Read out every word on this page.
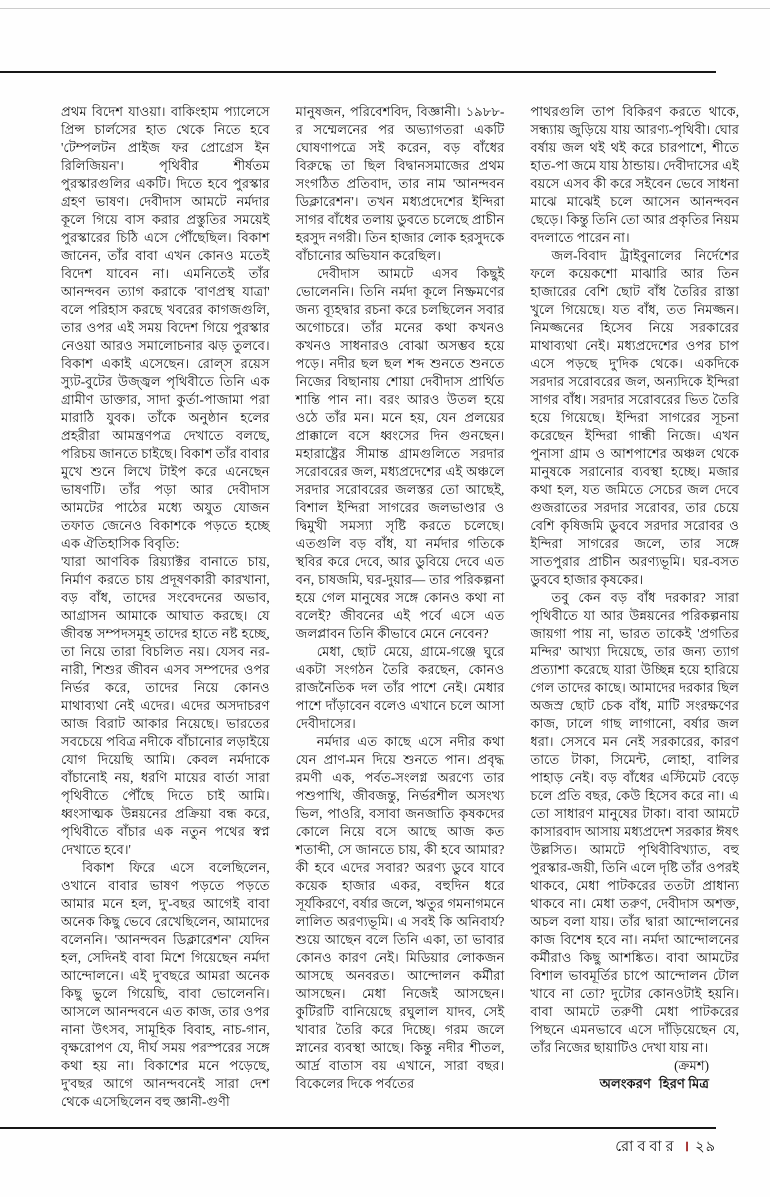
প্রথম বিদেশ যাওয়া। বাকিংহাম প্যালেসে প্রিন্স চার্লসের হাত থেকে নিতে হবে 'টেম্পলটন প্রাইজ ফর প্রোগ্রেস ইন রিলিজিয়ন'। পৃথিবীর শীর্ষতম পুরস্কারগুলির একটি। দিতে হবে পুরস্কার গ্রহণ ভাষণ। দেবীদাস আমটে নর্মদার কূলে গিয়ে বাস করার প্রস্তুতির সময়েই পুরস্কারের চিঠি এসে পৌঁছেছিল। বিকাশ জানেন, তাঁর বাবা এখন কোনও মতেই বিদেশ যাবেন না। এমনিতেই তাঁর আনন্দবন ত্যাগ করাকে 'বাণপ্রস্থ যাত্রা' বলে পরিহাস করছে খবরের কাগজগুলি, তার ওপর এই সময় বিদেশ গিয়ে পুরস্কার নেওয়া আরও সমালোচনার ঝড় তুলবে। বিকাশ একাই এসেছেন। রোল্‌স রয়েস স্যুট-বুটের উজ্জ্বল পৃথিবীতে তিনি এক গ্রামীণ ডাক্তার, সাদা কুর্তা-পাজামা পরা মারাঠি যুবক। তাঁকে অনুষ্ঠান হলের প্রহরীরা আমন্ত্রণপত্র দেখাতে বলছে, পরিচয় জানতে চাইছে। বিকাশ তাঁর বাবার মুখে শুনে লিখে টাইপ করে এনেছেন ভাষণটি। তাঁর পড়া আর দেবীদাস আমটের পাঠের মধ্যে অযুত যোজন তফাত জেনেও বিকাশকে পড়তে হচ্ছে এক ঐতিহাসিক বিবৃতি:

'যারা আণবিক রিয়্যাক্টর বানাতে চায়, নির্মাণ করতে চায় প্রদূষণকারী কারখানা, বড় বাঁধ, তাদের সংবেদনের অভাব, আগ্রাসন আমাকে আঘাত করছে। যে জীবন্ত সম্পদসমূহ তাদের হাতে নষ্ট হচ্ছে, তা নিয়ে তারা বিচলিত নয়। যেসব নর-নারী, শিশুর জীবন এসব সম্পদের ওপর নির্ভর করে, তাদের নিয়ে কোনও মাথাব্যথা নেই এদের। এদের অসদাচরণ আজ বিরাট আকার নিয়েছে। ভারতের সবচেয়ে পবিত্র নদীকে বাঁচানোর লড়াইয়ে যোগ দিয়েছি আমি। কেবল নর্মদাকে বাঁচানোই নয়, ধরণি মায়ের বার্তা সারা পৃথিবীতে পৌঁছে দিতে চাই আমি। ধ্বংসাত্মক উন্নয়নের প্রক্রিয়া বন্ধ করে, পৃথিবীতে বাঁচার এক নতুন পথের স্বপ্ন দেখাতে হবে।'

বিকাশ ফিরে এসে বলেছিলেন, ওখানে বাবার ভাষণ পড়তে পড়তে আমার মনে হল, দু'-বছর আগেই বাবা অনেক কিছু ভেবে রেখেছিলেন, আমাদের বলেননি। 'আনন্দবন ডিক্লারেশন' যেদিন হল, সেদিনই বাবা মিশে গিয়েছেন নর্মদা আন্দোলনে। এই দু'বছরে আমরা অনেক কিছু ভুলে গিয়েছি, বাবা ভোলেননি। আসলে আনন্দবনে এত কাজ, তার ওপর নানা উৎসব, সামূহিক বিবাহ, নাচ-গান, বৃক্ষরোপণ যে, দীর্ঘ সময় পরস্পরের সঙ্গে কথা হয় না। বিকাশের মনে পড়েছে, দু'বছর আগে আনন্দবনেই সারা দেশ থেকে এসেছিলেন বহু জ্ঞানী-গুণী

মানুষজন, পরিবেশবিদ, বিজ্ঞানী। ১৯৮৮-র সম্মেলনের পর অভ্যাগতরা একটি ঘোষণাপত্রে সই করেন, বড় বাঁধের বিরুদ্ধে তা ছিল বিদ্বানসমাজের প্রথম সংগঠিত প্রতিবাদ, তার নাম 'আনন্দবন ডিক্লারেশন'। তখন মধ্যপ্রদেশের ইন্দিরা সাগর বাঁধের তলায় ডুবতে চলেছে প্রাচীন হরসুদ নগরী। তিন হাজার লোক হরসুদকে বাঁচানোর অভিযান করেছিল।

দেবীদাস আমটে এসব কিছুই ভোলেননি। তিনি নর্মদা কূলে নিষ্ক্রমণের জন্য ব্যূহদ্বার রচনা করে চলছিলেন সবার অগোচরে। তাঁর মনের কথা কখনও কখনও সাধনারও বোঝা অসম্ভব হয়ে পড়ে। নদীর ছল ছল শব্দ শুনতে শুনতে নিজের বিছানায় শোয়া দেবীদাস প্রার্থিত শান্তি পান না। বরং আরও উতল হয়ে ওঠে তাঁর মন। মনে হয়, যেন প্রলয়ের প্রাক্কালে বসে ধ্বংসের দিন গুনছেন। মহারাষ্ট্রের সীমান্ত গ্রামগুলিতে সরদার সরোবরের জল, মধ্যপ্রদেশের এই অঞ্চলে সরদার সরোবরের জলস্তর তো আছেই, বিশাল ইন্দিরা সাগরের জলভাণ্ডার ও দ্বিমুখী সমস্যা সৃষ্টি করতে চলেছে। এতগুলি বড় বাঁধ, যা নর্মদার গতিকে স্থবির করে দেবে, আর ডুবিয়ে দেবে এত বন, চাষজমি, ঘর-দুয়ার— তার পরিকল্পনা হয়ে গেল মানুষের সঙ্গে কোনও কথা না বলেই? জীবনের এই পর্বে এসে এত জলপ্লাবন তিনি কীভাবে মেনে নেবেন?

মেধা, ছোট মেয়ে, গ্রামে-গঞ্জে ঘুরে একটা সংগঠন তৈরি করছেন, কোনও রাজনৈতিক দল তাঁর পাশে নেই। মেধার পাশে দাঁড়াবেন বলেও এখানে চলে আসা দেবীদাসের।

নর্মদার এত কাছে এসে নদীর কথা যেন প্রাণ-মন দিয়ে শুনতে পান। প্রবৃদ্ধ রমণী এক, পর্বত-সংলগ্ন অরণ্যে তার পশুপাখি, জীবজন্তু, নির্ভরশীল অসংখ্য ভিল, পাওরি, বসাবা জনজাতি কৃষকদের কোলে নিয়ে বসে আছে আজ কত শতাব্দী, সে জানতে চায়, কী হবে আমার? কী হবে এদের সবার? অরণ্য ডুবে যাবে কয়েক হাজার একর, বহুদিন ধরে সূর্যকিরণে, বর্ষার জলে, ঋতুর গমনাগমনে লালিত অরণ্যভূমি। এ সবই কি অনিবার্য? শুয়ে আছেন বলে তিনি একা, তা ভাবার কোনও কারণ নেই। মিডিয়ার লোকজন আসছে অনবরত। আন্দোলন কর্মীরা আসছেন। মেধা নিজেই আসছেন। কুটিরটি বানিয়েছে রঘুলাল যাদব, সেই খাবার তৈরি করে দিচ্ছে। গরম জলে স্নানের ব্যবস্থা আছে। কিন্তু নদীর শীতল, আর্দ্র বাতাস বয় এখানে, সারা বছর। বিকেলের দিকে পর্বতের

পাথরগুলি তাপ বিকিরণ করতে থাকে, সন্ধ্যায় জুড়িয়ে যায় আরণ্য-পৃথিবী। ঘোর বর্ষায় জল থই থই করে চারপাশে, শীতে হাত-পা জমে যায় ঠান্ডায়। দেবীদাসের এই বয়সে এসব কী করে সইবেন ভেবে সাধনা মাঝে মাঝেই চলে আসেন আনন্দবন ছেড়ে। কিন্তু তিনি তো আর প্রকৃতির নিয়ম বদলাতে পারেন না।

জল-বিবাদ ট্রাইবুনালের নির্দেশের ফলে কয়েকশো মাঝারি আর তিন হাজারের বেশি ছোট বাঁধ তৈরির রাস্তা খুলে গিয়েছে। যত বাঁধ, তত নিমজ্জন। নিমজ্জনের হিসেব নিয়ে সরকারের মাথাব্যথা নেই। মধ্যপ্রদেশের ওপর চাপ এসে পড়ছে দু'দিক থেকে। একদিকে সরদার সরোবরের জল, অন্যদিকে ইন্দিরা সাগর বাঁধ। সরদার সরোবরের ভিত তৈরি হয়ে গিয়েছে। ইন্দিরা সাগরের সূচনা করেছেন ইন্দিরা গান্ধী নিজে। এখন পুনাসা গ্রাম ও আশপাশের অঞ্চল থেকে মানুষকে সরানোর ব্যবস্থা হচ্ছে। মজার কথা হল, যত জমিতে সেচের জল দেবে গুজরাতের সরদার সরোবর, তার চেয়ে বেশি কৃষিজমি ডুববে সরদার সরোবর ও ইন্দিরা সাগরের জলে, তার সঙ্গে সাতপুরার প্রাচীন অরণ্যভূমি। ঘর-বসত ডুববে হাজার কৃষকের।

তবু কেন বড় বাঁধ দরকার? সারা পৃথিবীতে যা আর উন্নয়নের পরিকল্পনায় জায়গা পায় না, ভারত তাকেই 'প্রগতির মন্দির' আখ্যা দিয়েছে, তার জন্য ত্যাগ প্রত্যাশা করেছে যারা উচ্ছিন্ন হয়ে হারিয়ে গেল তাদের কাছে। আমাদের দরকার ছিল অজস্র ছোট চেক বাঁধ, মাটি সংরক্ষণের কাজ, ঢালে গাছ লাগানো, বর্ষার জল ধরা। সেসবে মন নেই সরকারের, কারণ তাতে টাকা, সিমেন্ট, লোহা, বালির পাহাড় নেই। বড় বাঁধের এস্টিমেট বেড়ে চলে প্রতি বছর, কেউ হিসেব করে না। এ তো সাধারণ মানুষের টাকা। বাবা আমটে কাসারবাদ আসায় মধ্যপ্রদেশ সরকার ঈষৎ উল্লসিত। আমটে পৃথিবীবিখ্যাত, বহু পুরস্কার-জয়ী, তিনি এলে দৃষ্টি তাঁর ওপরই থাকবে, মেধা পাটকরের ততটা প্রাধান্য থাকবে না। মেধা তরুণ, দেবীদাস অশক্ত, অচল বলা যায়। তাঁর দ্বারা আন্দোলনের কাজ বিশেষ হবে না। নর্মদা আন্দোলনের কর্মীরাও কিছু আশঙ্কিত। বাবা আমটের বিশাল ভাবমূর্তির চাপে আন্দোলন টোল খাবে না তো? দুটোর কোনওটাই হয়নি। বাবা আমটে তরুণী মেধা পাটকরের পিছনে এমনভাবে এসে দাঁড়িয়েছেন যে, তাঁর নিজের ছায়াটিও দেখা যায় না।

(ক্রমশ)
অলংকরণ হিরণ মিত্র
রোববার । ২৯
